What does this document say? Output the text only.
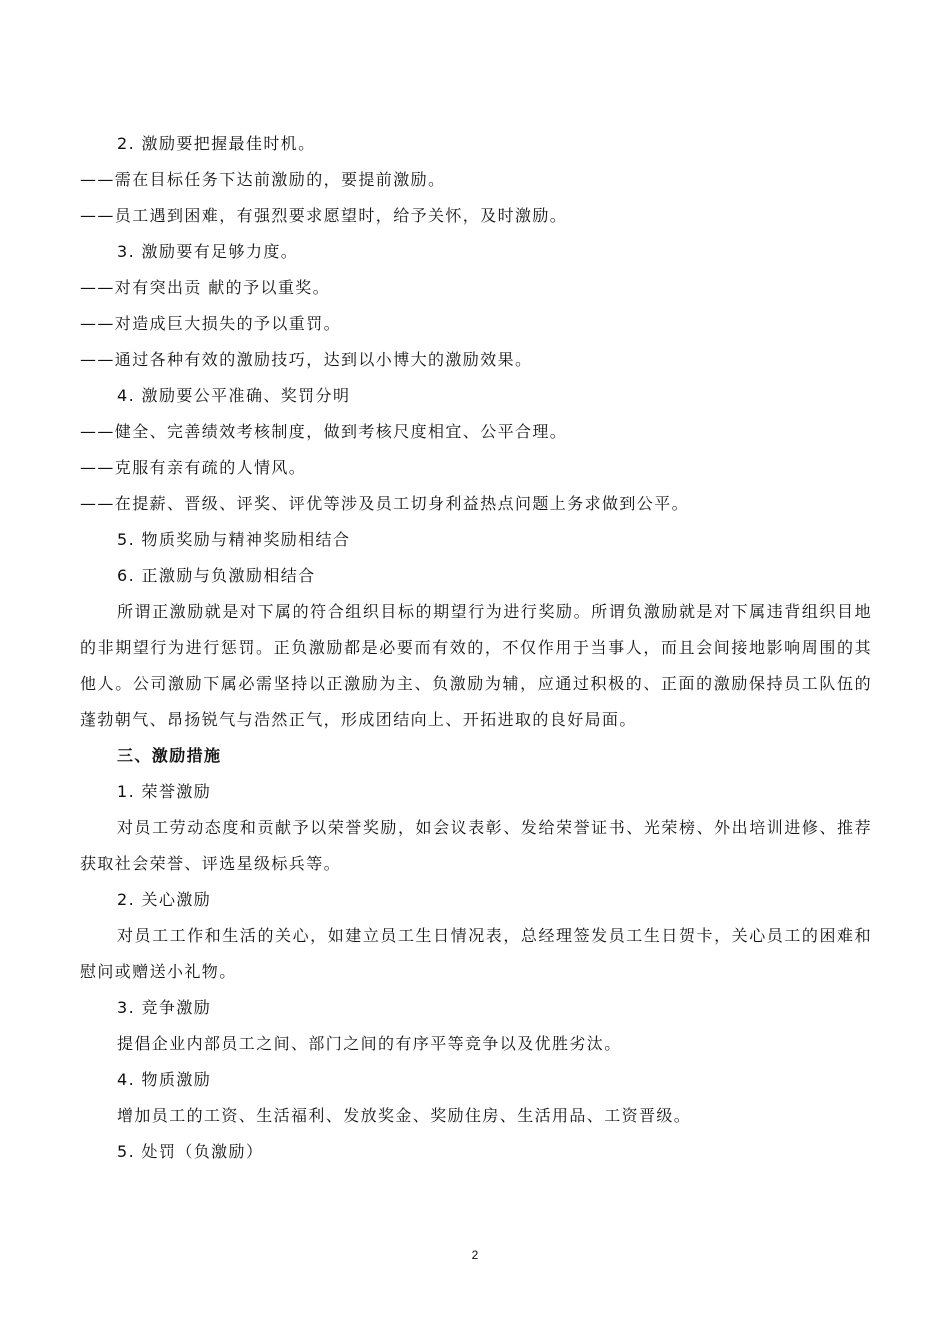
2. 激励要把握最佳时机。
——需在目标任务下达前激励的，要提前激励。
——员工遇到困难，有强烈要求愿望时，给予关怀，及时激励。
3. 激励要有足够力度。
——对有突出贡 献的予以重奖。
——对造成巨大损失的予以重罚。
——通过各种有效的激励技巧，达到以小博大的激励效果。
4. 激励要公平准确、奖罚分明
——健全、完善绩效考核制度，做到考核尺度相宜、公平合理。
——克服有亲有疏的人情风。
——在提薪、晋级、评奖、评优等涉及员工切身利益热点问题上务求做到公平。
5. 物质奖励与精神奖励相结合
6. 正激励与负激励相结合
所谓正激励就是对下属的符合组织目标的期望行为进行奖励。所谓负激励就是对下属违背组织目地的非期望行为进行惩罚。正负激励都是必要而有效的，不仅作用于当事人，而且会间接地影响周围的其他人。公司激励下属必需坚持以正激励为主、负激励为辅，应通过积极的、正面的激励保持员工队伍的蓬勃朝气、昂扬锐气与浩然正气，形成团结向上、开拓进取的良好局面。
三、激励措施
1. 荣誉激励
对员工劳动态度和贡献予以荣誉奖励，如会议表彰、发给荣誉证书、光荣榜、外出培训进修、推荐获取社会荣誉、评选星级标兵等。
2. 关心激励
对员工工作和生活的关心，如建立员工生日情况表，总经理签发员工生日贺卡，关心员工的困难和慰问或赠送小礼物。
3. 竞争激励
提倡企业内部员工之间、部门之间的有序平等竞争以及优胜劣汰。
4. 物质激励
增加员工的工资、生活福利、发放奖金、奖励住房、生活用品、工资晋级。
5. 处罚（负激励）
2
